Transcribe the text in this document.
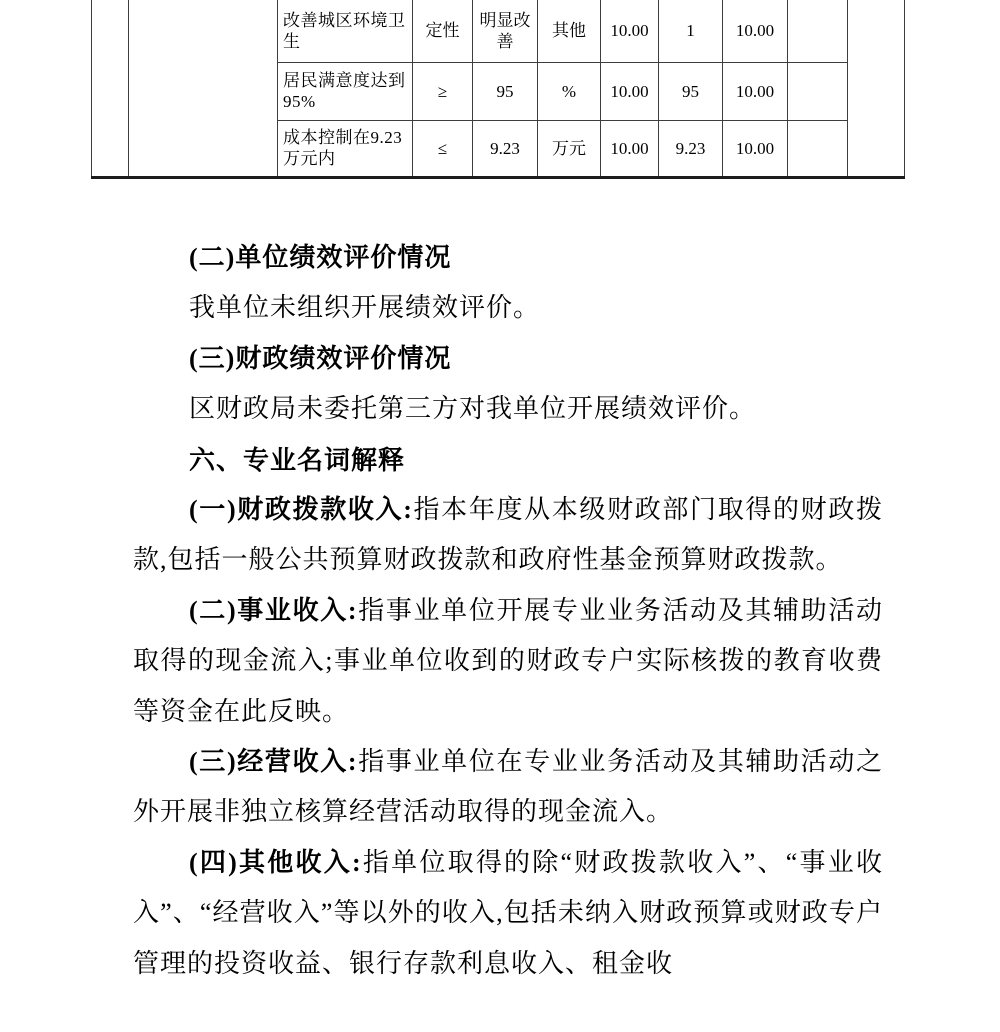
		改善城区环境卫生	定性	明显改善	其他	10.00	1	10.00		
		居民满意度达到95%	≥	95	%	10.00	95	10.00		
		成本控制在9.23万元内	≤	9.23	万元	10.00	9.23	10.00		

(二)单位绩效评价情况

我单位未组织开展绩效评价。

(三)财政绩效评价情况

区财政局未委托第三方对我单位开展绩效评价。

六、专业名词解释

(一)财政拨款收入:指本年度从本级财政部门取得的财政拨款,包括一般公共预算财政拨款和政府性基金预算财政拨款。

(二)事业收入:指事业单位开展专业业务活动及其辅助活动取得的现金流入;事业单位收到的财政专户实际核拨的教育收费等资金在此反映。

(三)经营收入:指事业单位在专业业务活动及其辅助活动之外开展非独立核算经营活动取得的现金流入。

(四)其他收入:指单位取得的除“财政拨款收入”、“事业收入”、“经营收入”等以外的收入,包括未纳入财政预算或财政专户管理的投资收益、银行存款利息收入、租金收
